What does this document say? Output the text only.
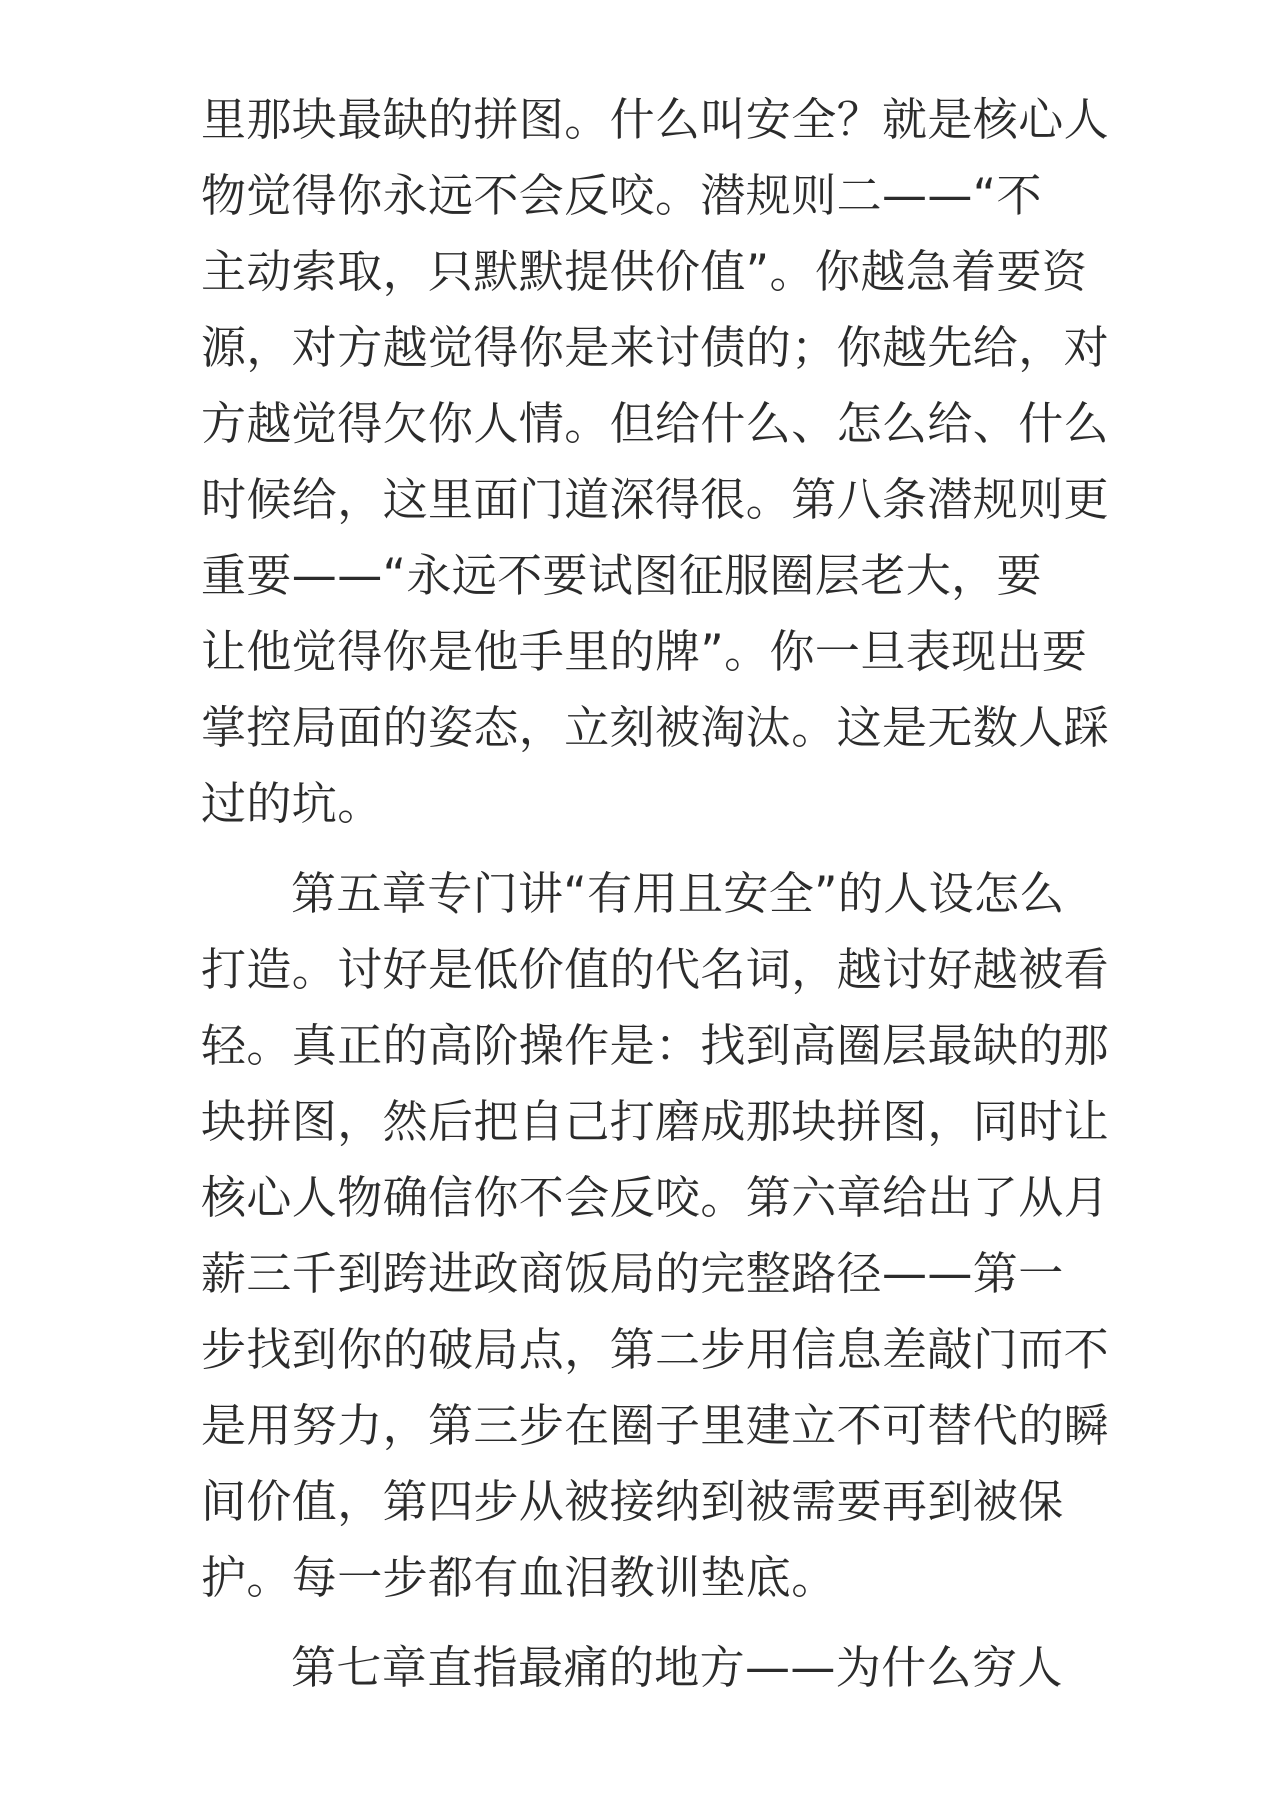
里那块最缺的拼图。什么叫安全？就是核心人
物觉得你永远不会反咬。潜规则二——“不
主动索取，只默默提供价值”。你越急着要资
源，对方越觉得你是来讨债的；你越先给，对
方越觉得欠你人情。但给什么、怎么给、什么
时候给，这里面门道深得很。第八条潜规则更
重要——“永远不要试图征服圈层老大，要
让他觉得你是他手里的牌”。你一旦表现出要
掌控局面的姿态，立刻被淘汰。这是无数人踩
过的坑。
第五章专门讲“有用且安全”的人设怎么
打造。讨好是低价值的代名词，越讨好越被看
轻。真正的高阶操作是：找到高圈层最缺的那
块拼图，然后把自己打磨成那块拼图，同时让
核心人物确信你不会反咬。第六章给出了从月
薪三千到跨进政商饭局的完整路径——第一
步找到你的破局点，第二步用信息差敲门而不
是用努力，第三步在圈子里建立不可替代的瞬
间价值，第四步从被接纳到被需要再到被保
护。每一步都有血泪教训垫底。
第七章直指最痛的地方——为什么穷人
